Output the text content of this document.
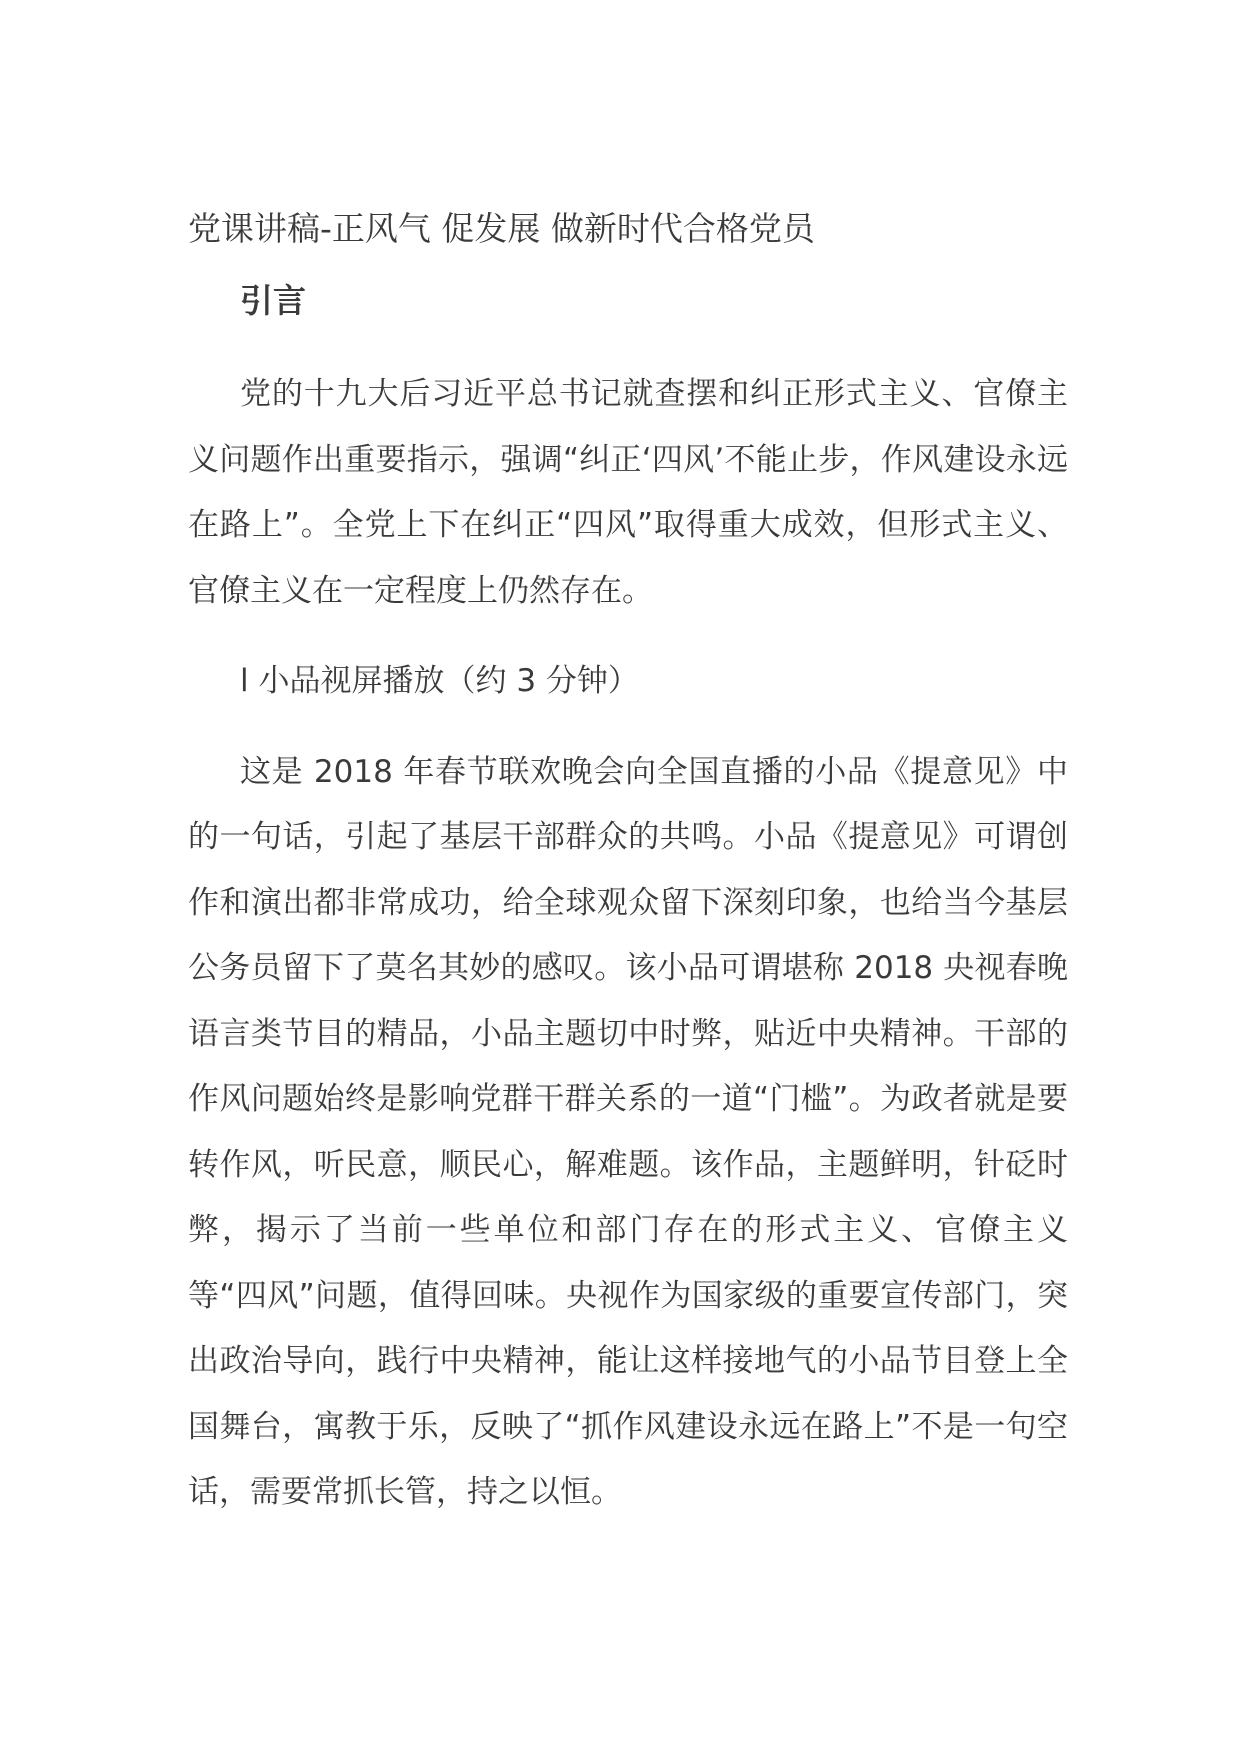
党课讲稿-正风气 促发展 做新时代合格党员
引言

党的十九大后习近平总书记就查摆和纠正形式主义、官僚主义问题作出重要指示，强调“纠正‘四风’不能止步，作风建设永远在路上”。全党上下在纠正“四风”取得重大成效，但形式主义、官僚主义在一定程度上仍然存在。

l 小品视屏播放（约 3 分钟）

这是 2018 年春节联欢晚会向全国直播的小品《提意见》中的一句话，引起了基层干部群众的共鸣。小品《提意见》可谓创作和演出都非常成功，给全球观众留下深刻印象，也给当今基层公务员留下了莫名其妙的感叹。该小品可谓堪称 2018 央视春晚语言类节目的精品，小品主题切中时弊，贴近中央精神。干部的作风问题始终是影响党群干群关系的一道“门槛”。为政者就是要转作风，听民意，顺民心，解难题。该作品，主题鲜明，针砭时弊，揭示了当前一些单位和部门存在的形式主义、官僚主义等“四风”问题，值得回味。央视作为国家级的重要宣传部门，突出政治导向，践行中央精神，能让这样接地气的小品节目登上全国舞台，寓教于乐，反映了“抓作风建设永远在路上”不是一句空话，需要常抓长管，持之以恒。
